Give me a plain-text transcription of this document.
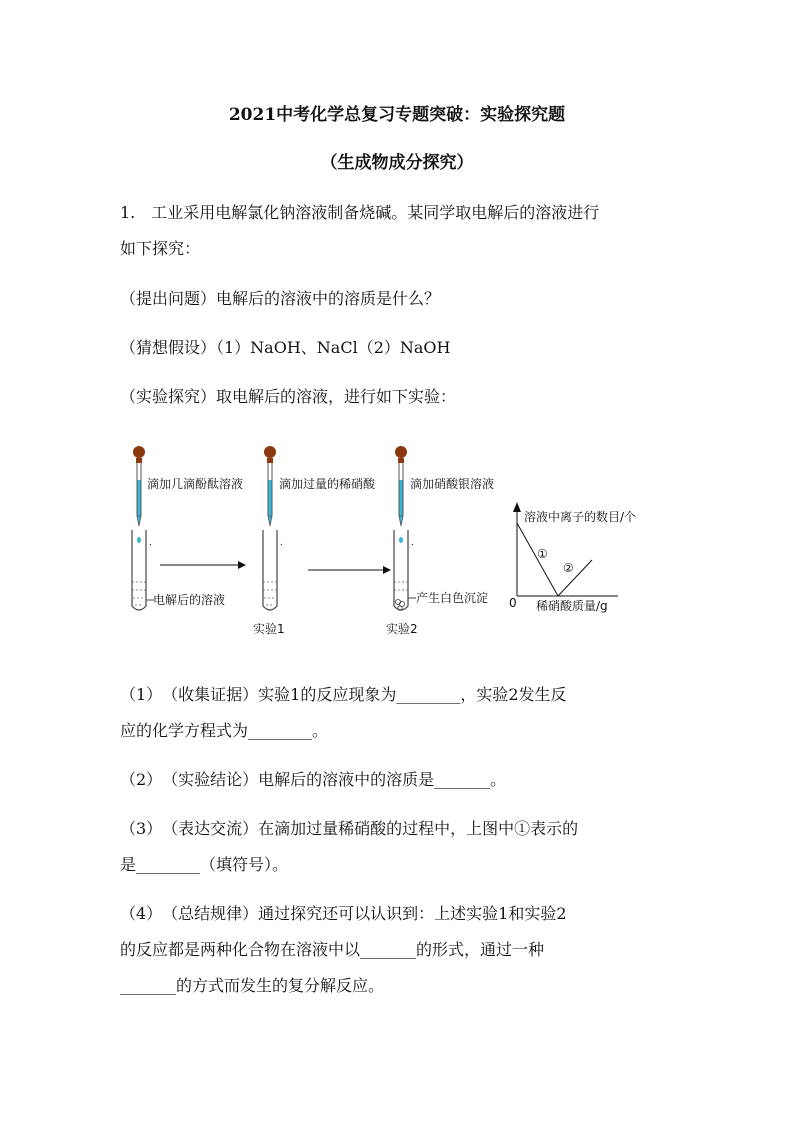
2021中考化学总复习专题突破：实验探究题
（生成物成分探究）
1.　工业采用电解氯化钠溶液制备烧碱。某同学取电解后的溶液进行
如下探究：
（提出问题）电解后的溶液中的溶质是什么？
（猜想假设）（1）NaOH、NaCl（2）NaOH
（实验探究）取电解后的溶液，进行如下实验：
滴加几滴酚酞溶液	滴加过量的稀硝酸	滴加硝酸银溶液
.
电解后的溶液
.
实验1
.
产生白色沉淀
实验2
溶液中离子的数目/个
稀硝酸质量/g
0
①
②
（1）　（收集证据）实验1的反应现象为________，实验2发生反
应的化学方程式为________。
（2）　（实验结论）电解后的溶液中的溶质是_______。
（3）　（表达交流）在滴加过量稀硝酸的过程中，上图中①表示的
是________（填符号）。
（4）　（总结规律）通过探究还可以认识到：上述实验1和实验2
的反应都是两种化合物在溶液中以_______的形式，通过一种
_______的方式而发生的复分解反应。
